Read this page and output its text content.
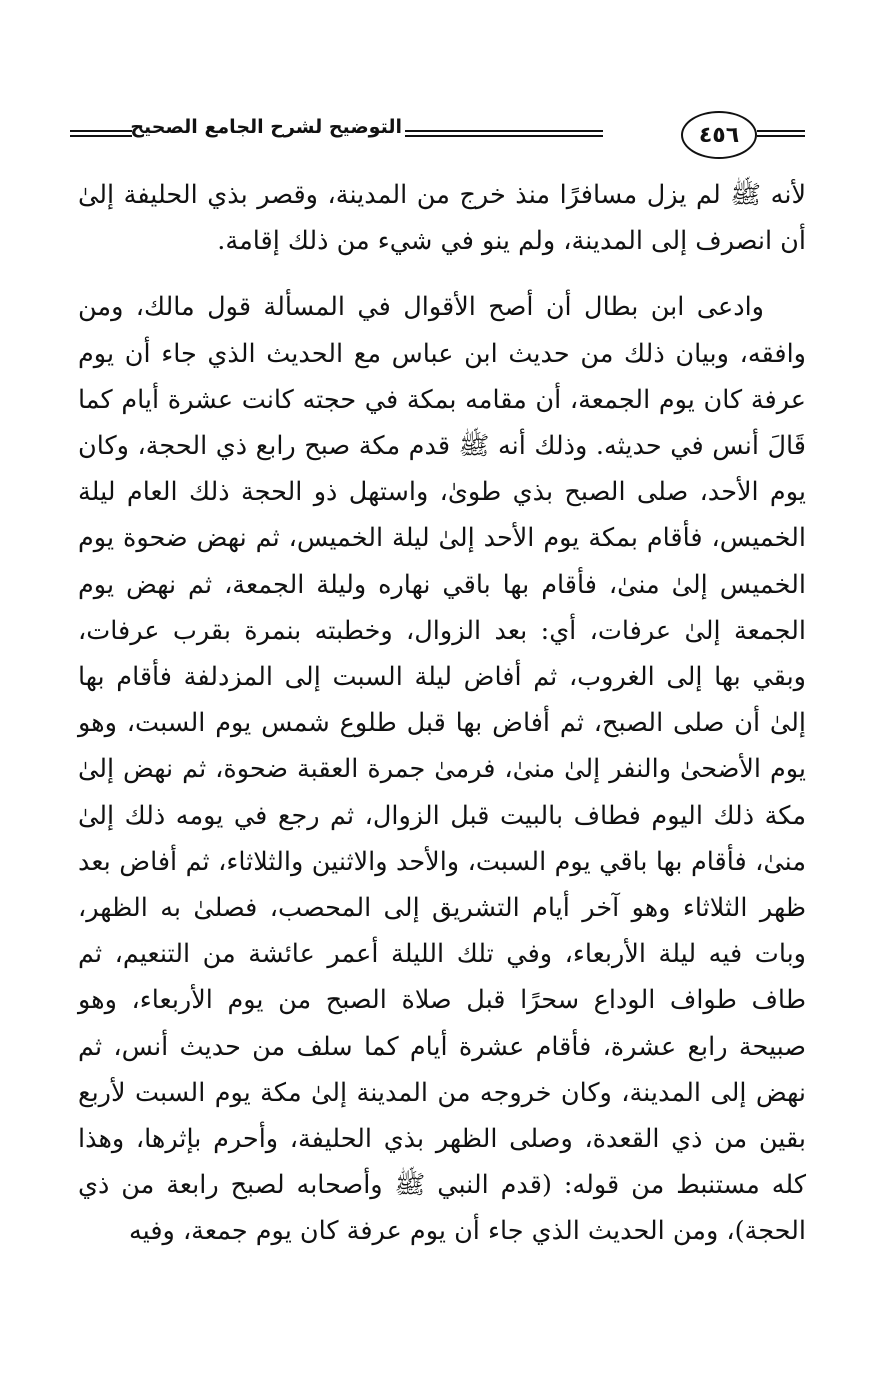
٤٥٦
التوضيح لشرح الجامع الصحيح

لأنه ﷺ لم يزل مسافرًا منذ خرج من المدينة، وقصر بذي الحليفة إلىٰ أن انصرف إلى المدينة، ولم ينو في شيء من ذلك إقامة.

وادعى ابن بطال أن أصح الأقوال في المسألة قول مالك، ومن وافقه، وبيان ذلك من حديث ابن عباس مع الحديث الذي جاء أن يوم عرفة كان يوم الجمعة، أن مقامه بمكة في حجته كانت عشرة أيام كما قَالَ أنس في حديثه. وذلك أنه ﷺ قدم مكة صبح رابع ذي الحجة، وكان يوم الأحد، صلى الصبح بذي طوىٰ، واستهل ذو الحجة ذلك العام ليلة الخميس، فأقام بمكة يوم الأحد إلىٰ ليلة الخميس، ثم نهض ضحوة يوم الخميس إلىٰ منىٰ، فأقام بها باقي نهاره وليلة الجمعة، ثم نهض يوم الجمعة إلىٰ عرفات، أي: بعد الزوال، وخطبته بنمرة بقرب عرفات، وبقي بها إلى الغروب، ثم أفاض ليلة السبت إلى المزدلفة فأقام بها إلىٰ أن صلى الصبح، ثم أفاض بها قبل طلوع شمس يوم السبت، وهو يوم الأضحىٰ والنفر إلىٰ منىٰ، فرمىٰ جمرة العقبة ضحوة، ثم نهض إلىٰ مكة ذلك اليوم فطاف بالبيت قبل الزوال، ثم رجع في يومه ذلك إلىٰ منىٰ، فأقام بها باقي يوم السبت، والأحد والاثنين والثلاثاء، ثم أفاض بعد ظهر الثلاثاء وهو آخر أيام التشريق إلى المحصب، فصلىٰ به الظهر، وبات فيه ليلة الأربعاء، وفي تلك الليلة أعمر عائشة من التنعيم، ثم طاف طواف الوداع سحرًا قبل صلاة الصبح من يوم الأربعاء، وهو صبيحة رابع عشرة، فأقام عشرة أيام كما سلف من حديث أنس، ثم نهض إلى المدينة، وكان خروجه من المدينة إلىٰ مكة يوم السبت لأربع بقين من ذي القعدة، وصلى الظهر بذي الحليفة، وأحرم بإثرها، وهذا كله مستنبط من قوله: (قدم النبي ﷺ وأصحابه لصبح رابعة من ذي الحجة)، ومن الحديث الذي جاء أن يوم عرفة كان يوم جمعة، وفيه
